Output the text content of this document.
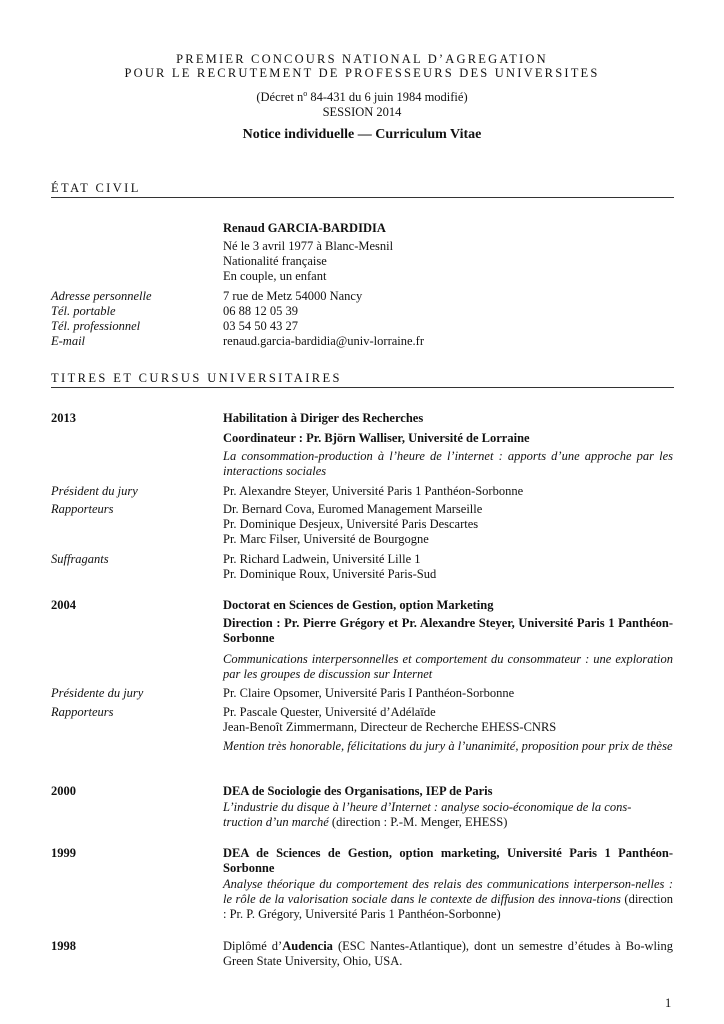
PREMIER CONCOURS NATIONAL D’AGREGATION
POUR LE RECRUTEMENT DE PROFESSEURS DES UNIVERSITES
(Décret $n^o$ 84-431 du 6 juin 1984 modifié)
SESSION 2014
Notice individuelle — Curriculum Vitae
ÉTAT CIVIL
Renaud GARCIA-BARDIDIA
Né le 3 avril 1977 à Blanc-Mesnil
Nationalité française
En couple, un enfant
Adresse personnelle	7 rue de Metz 54000 Nancy
Tél. portable	06 88 12 05 39
Tél. professionnel	03 54 50 43 27
E-mail	renaud.garcia-bardidia@univ-lorraine.fr
TITRES ET CURSUS UNIVERSITAIRES
2013	Habilitation à Diriger des Recherches
Coordinateur : Pr. Björn Walliser, Université de Lorraine
La consommation-production à l’heure de l’internet : apports d’une approche par les interactions sociales
Président du jury	Pr. Alexandre Steyer, Université Paris 1 Panthéon-Sorbonne
Rapporteurs	Dr. Bernard Cova, Euromed Management Marseille
Pr. Dominique Desjeux, Université Paris Descartes
Pr. Marc Filser, Université de Bourgogne
Suffragants	Pr. Richard Ladwein, Université Lille 1
Pr. Dominique Roux, Université Paris-Sud
2004	Doctorat en Sciences de Gestion, option Marketing
Direction : Pr. Pierre Grégory et Pr. Alexandre Steyer, Université Paris 1 Panthéon-Sorbonne
Communications interpersonnelles et comportement du consommateur : une exploration par les groupes de discussion sur Internet
Présidente du jury	Pr. Claire Opsomer, Université Paris I Panthéon-Sorbonne
Rapporteurs	Pr. Pascale Quester, Université d’Adélaïde
Jean-Benoît Zimmermann, Directeur de Recherche EHESS-CNRS
Mention très honorable, félicitations du jury à l’unanimité, proposition pour prix de thèse
2000	DEA de Sociologie des Organisations, IEP de Paris
L’industrie du disque à l’heure d’Internet : analyse socio-économique de la cons-
truction d’un marché (direction : P.-M. Menger, EHESS)
1999	DEA de Sciences de Gestion, option marketing, Université Paris 1 Panthéon-Sorbonne
Analyse théorique du comportement des relais des communications interperson-nelles : le rôle de la valorisation sociale dans le contexte de diffusion des innova-tions (direction : Pr. P. Grégory, Université Paris 1 Panthéon-Sorbonne)
1998	Diplômé d’Audencia (ESC Nantes-Atlantique), dont un semestre d’études à Bo-wling Green State University, Ohio, USA.
1
